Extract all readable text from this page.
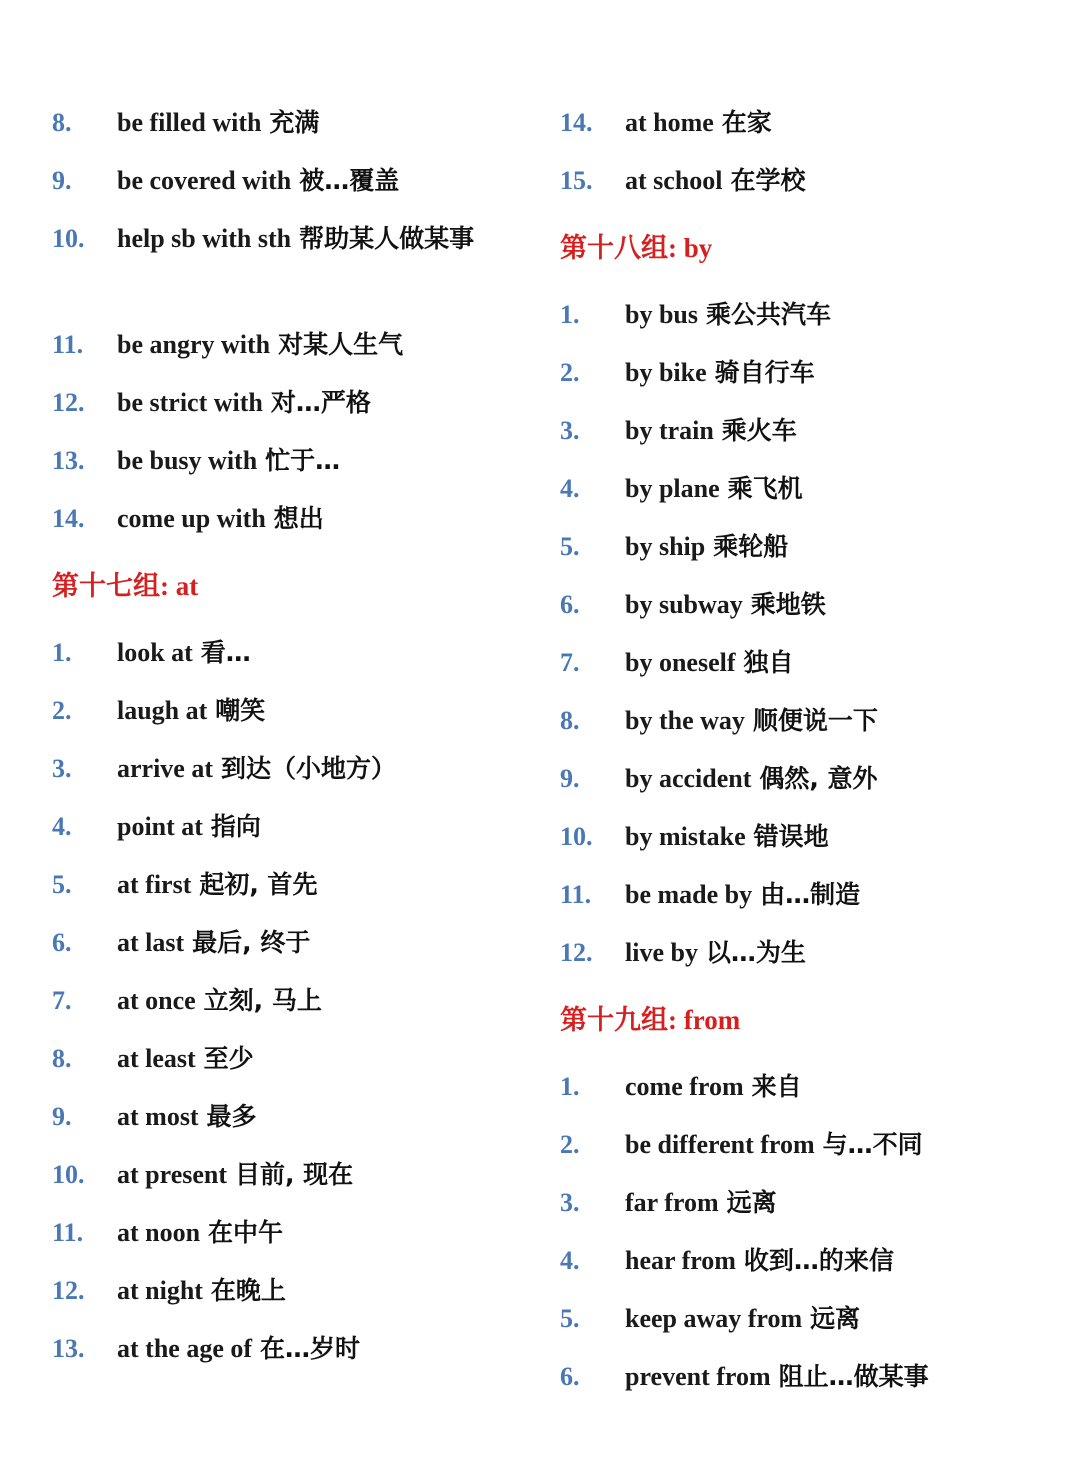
8. be filled with 充满
9. be covered with 被…覆盖
10. help sb with sth 帮助某人做某事
11. be angry with 对某人生气
12. be strict with 对…严格
13. be busy with 忙于…
14. come up with 想出
第十七组: at
1. look at 看…
2. laugh at 嘲笑
3. arrive at 到达（小地方）
4. point at 指向
5. at first 起初, 首先
6. at last 最后, 终于
7. at once 立刻, 马上
8. at least 至少
9. at most 最多
10. at present 目前, 现在
11. at noon 在中午
12. at night 在晚上
13. at the age of 在…岁时
14. at home 在家
15. at school 在学校
第十八组: by
1. by bus 乘公共汽车
2. by bike 骑自行车
3. by train 乘火车
4. by plane 乘飞机
5. by ship 乘轮船
6. by subway 乘地铁
7. by oneself 独自
8. by the way 顺便说一下
9. by accident 偶然, 意外
10. by mistake 错误地
11. be made by 由…制造
12. live by 以…为生
第十九组: from
1. come from 来自
2. be different from 与…不同
3. far from 远离
4. hear from 收到…的来信
5. keep away from 远离
6. prevent from 阻止…做某事
